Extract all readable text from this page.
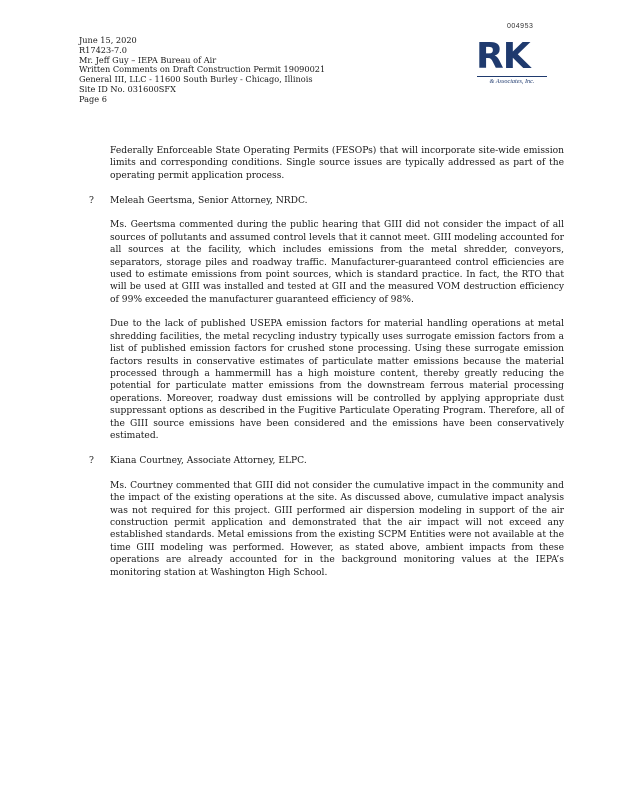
004953
June 15, 2020
R17423-7.0
Mr. Jeff Guy – IEPA Bureau of Air
Written Comments on Draft Construction Permit 19090021
General III, LLC - 11600 South Burley - Chicago, Illinois
Site ID No. 031600SFX
Page 6
RK
& Associates, Inc.

Federally Enforceable State Operating Permits (FESOPs) that will incorporate site-wide emission limits and corresponding conditions. Single source issues are typically addressed as part of the operating permit application process.

? Meleah Geertsma, Senior Attorney, NRDC.

Ms. Geertsma commented during the public hearing that GIII did not consider the impact of all sources of pollutants and assumed control levels that it cannot meet. GIII modeling accounted for all sources at the facility, which includes emissions from the metal shredder, conveyors, separators, storage piles and roadway traffic. Manufacturer-guaranteed control efficiencies are used to estimate emissions from point sources, which is standard practice. In fact, the RTO that will be used at GIII was installed and tested at GII and the measured VOM destruction efficiency of 99% exceeded the manufacturer guaranteed efficiency of 98%.

Due to the lack of published USEPA emission factors for material handling operations at metal shredding facilities, the metal recycling industry typically uses surrogate emission factors from a list of published emission factors for crushed stone processing. Using these surrogate emission factors results in conservative estimates of particulate matter emissions because the material processed through a hammermill has a high moisture content, thereby greatly reducing the potential for particulate matter emissions from the downstream ferrous material processing operations. Moreover, roadway dust emissions will be controlled by applying appropriate dust suppressant options as described in the Fugitive Particulate Operating Program. Therefore, all of the GIII source emissions have been considered and the emissions have been conservatively estimated.

? Kiana Courtney, Associate Attorney, ELPC.

Ms. Courtney commented that GIII did not consider the cumulative impact in the community and the impact of the existing operations at the site. As discussed above, cumulative impact analysis was not required for this project. GIII performed air dispersion modeling in support of the air construction permit application and demonstrated that the air impact will not exceed any established standards. Metal emissions from the existing SCPM Entities were not available at the time GIII modeling was performed. However, as stated above, ambient impacts from these operations are already accounted for in the background monitoring values at the IEPA’s monitoring station at Washington High School.
